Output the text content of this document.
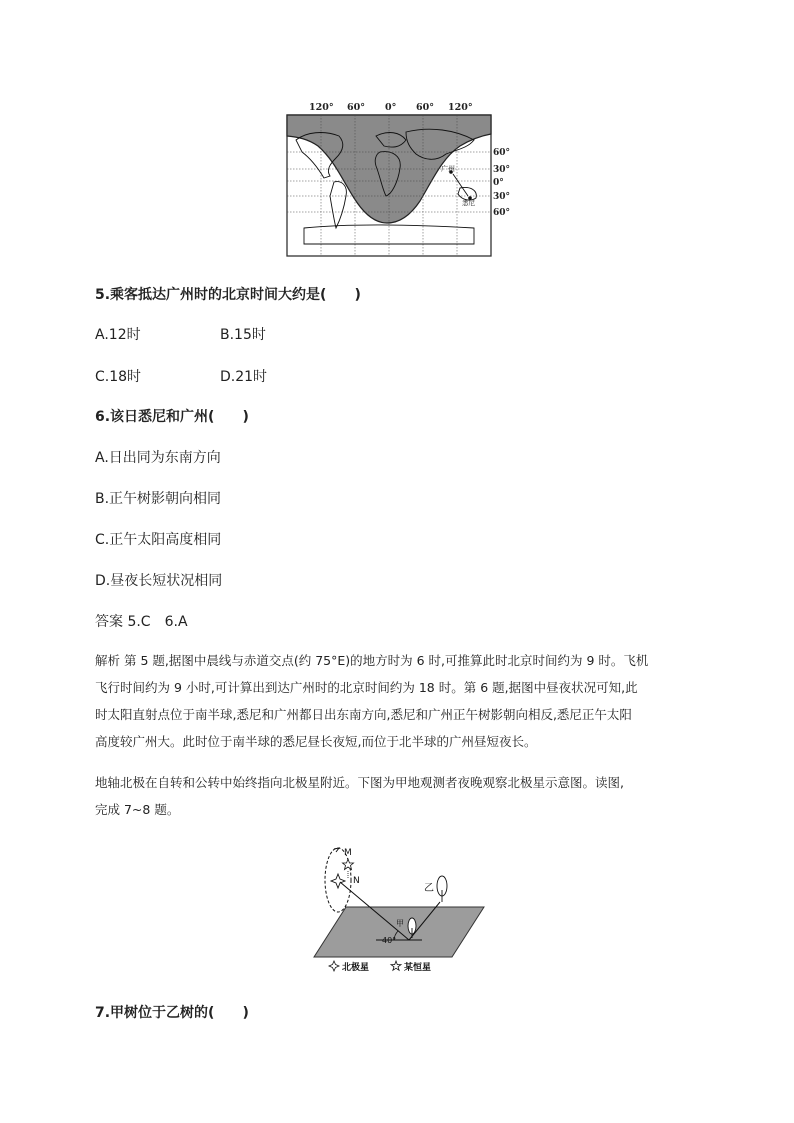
120° 60° 0° 60° 120°
广州
悉尼
60°
30°
0°
30°
60°
5.乘客抵达广州时的北京时间大约是(　　)
A.12时	B.15时
C.18时	D.21时
6.该日悉尼和广州(　　)
A.日出同为东南方向
B.正午树影朝向相同
C.正午太阳高度相同
D.昼夜长短状况相同
答案 5.C　6.A
解析 第 5 题,据图中晨线与赤道交点(约 75°E)的地方时为 6 时,可推算此时北京时间约为 9 时。飞机
飞行时间约为 9 小时,可计算出到达广州时的北京时间约为 18 时。第 6 题,据图中昼夜状况可知,此
时太阳直射点位于南半球,悉尼和广州都日出东南方向,悉尼和广州正午树影朝向相反,悉尼正午太阳
高度较广州大。此时位于南半球的悉尼昼长夜短,而位于北半球的广州昼短夜长。
地轴北极在自转和公转中始终指向北极星附近。下图为甲地观测者夜晚观察北极星示意图。读图,
完成 7~8 题。
M
N
40°
甲
乙
北极星	某恒星
7.甲树位于乙树的(　　)
